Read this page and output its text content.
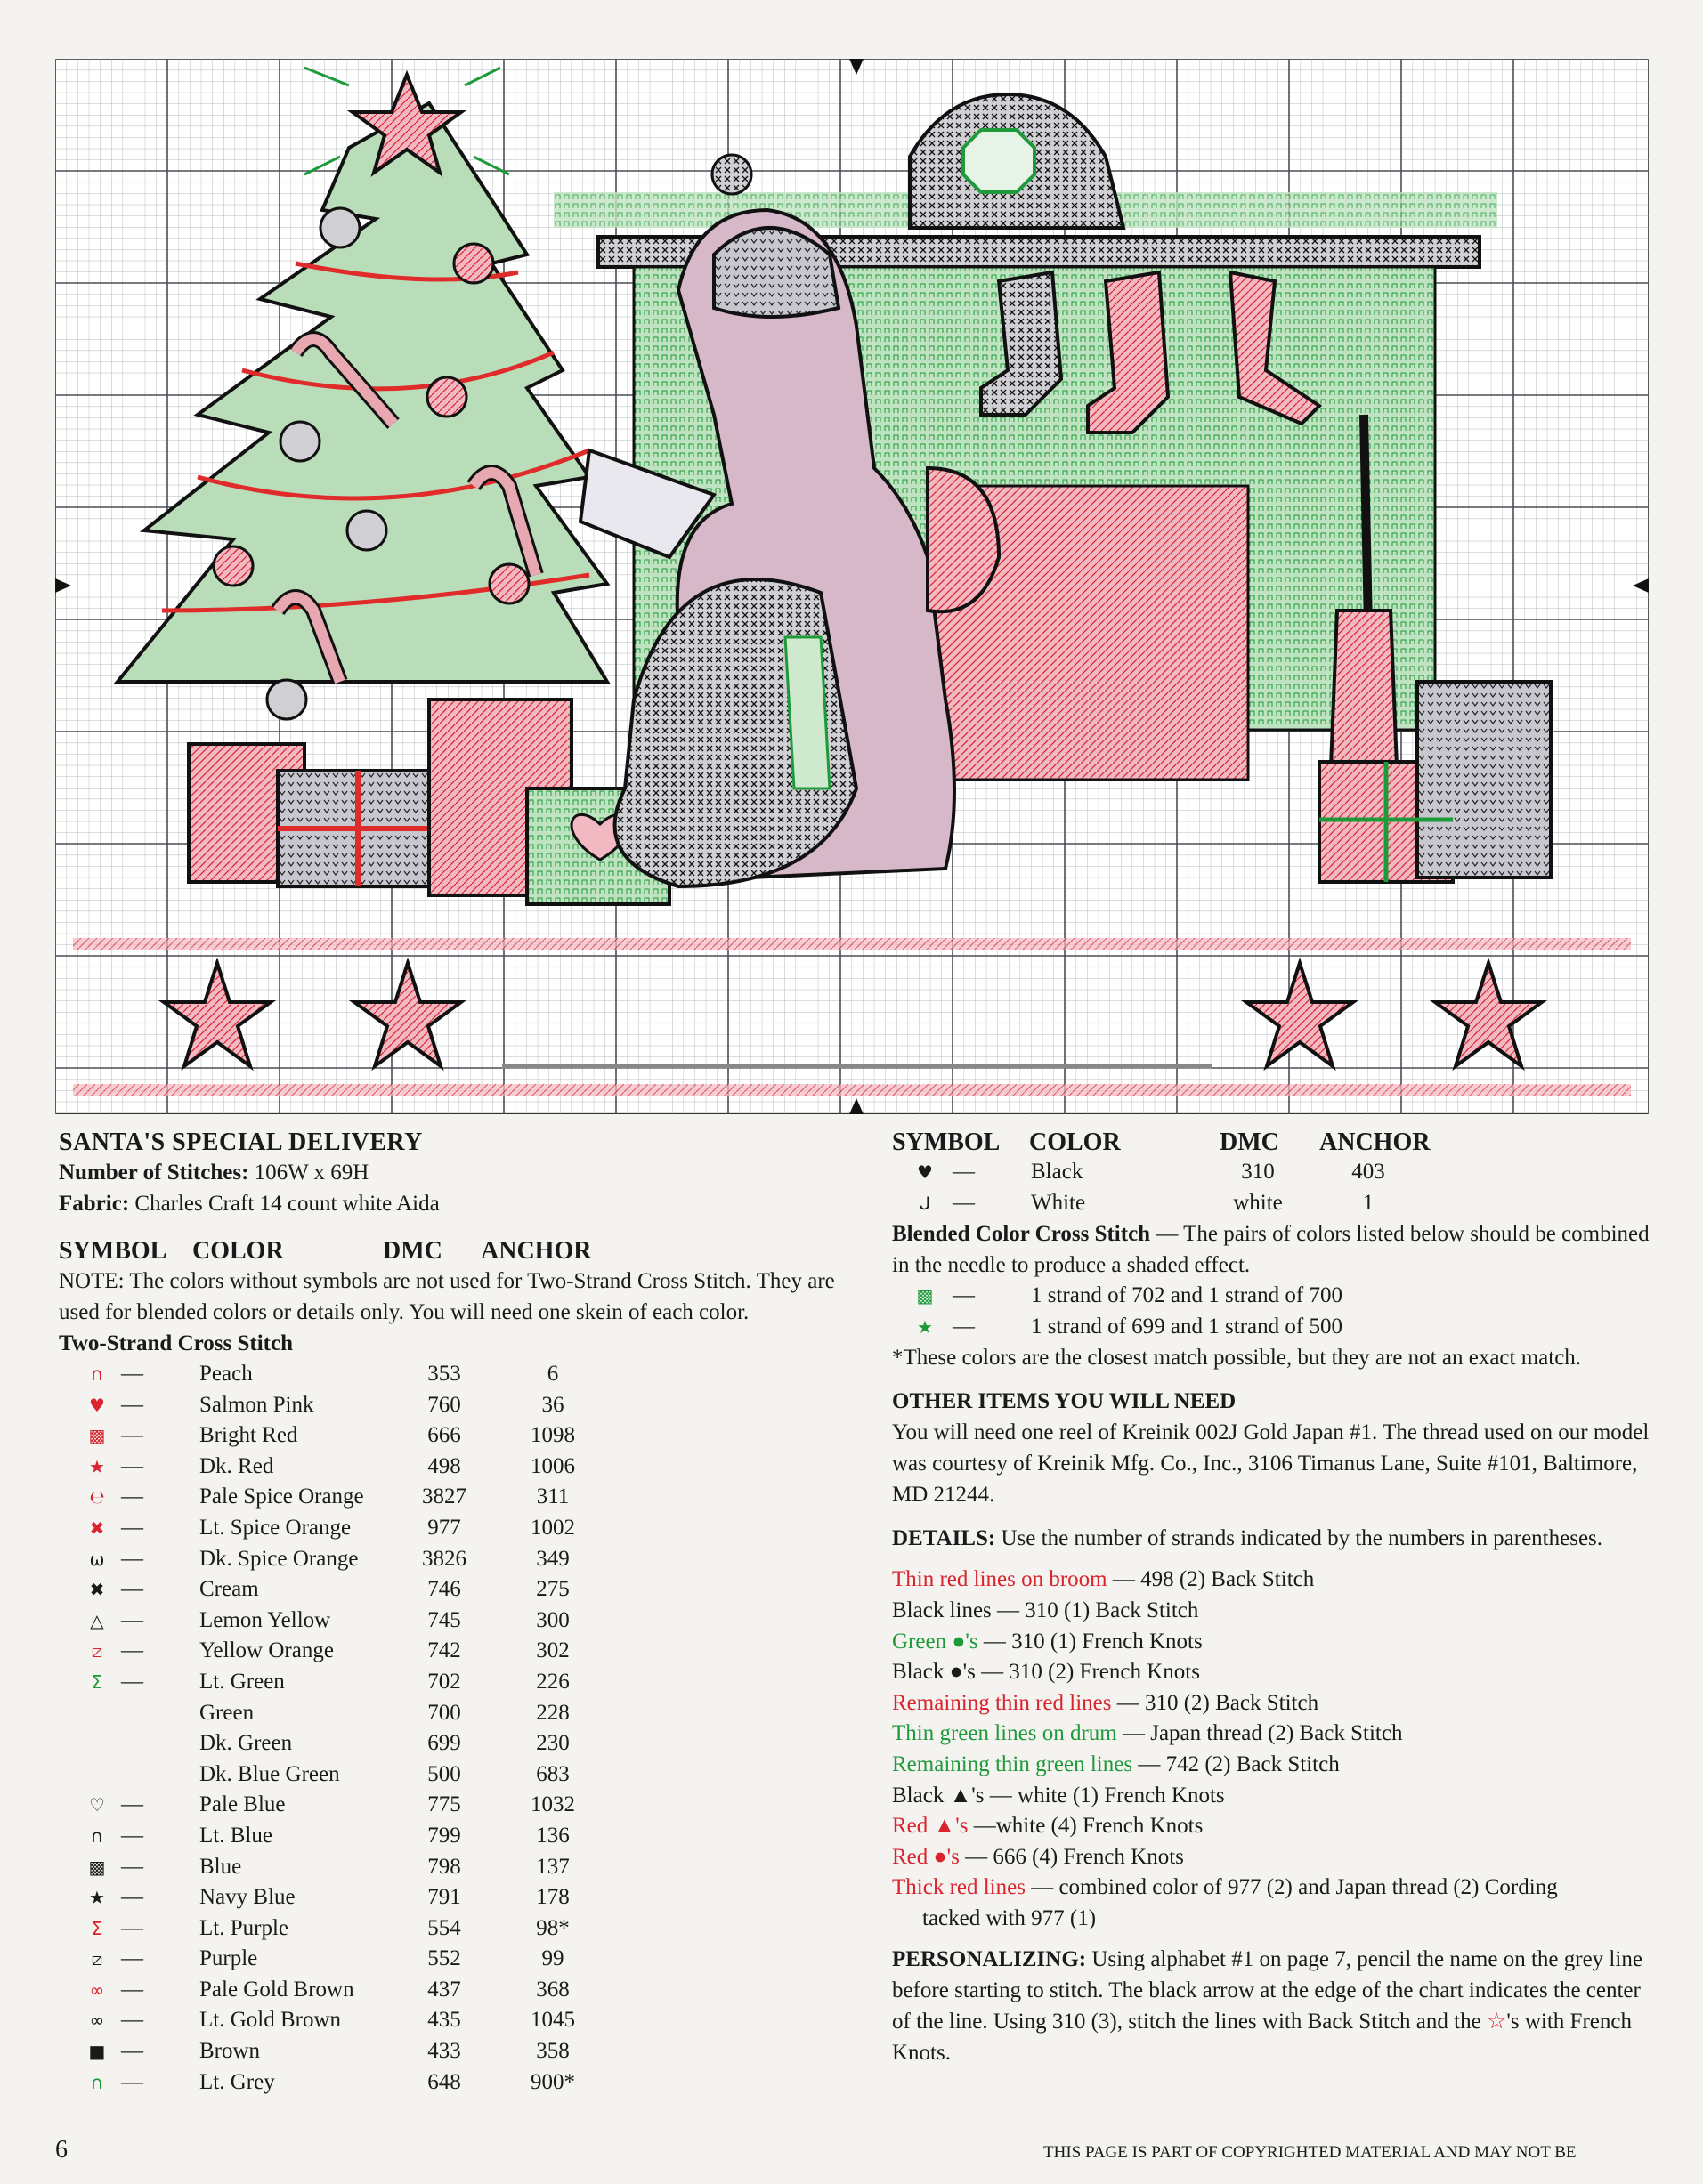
SANTA'S SPECIAL DELIVERY
Number of Stitches: 106W x 69H
Fabric: Charles Craft 14 count white Aida
SYMBOL COLOR	DMC ANCHOR
NOTE: The colors without symbols are not used for Two-Strand Cross Stitch. They are used for blended colors or details only. You will need one skein of each color.
Two-Strand Cross Stitch
∩ —	Peach	353	6
♥ —	Salmon Pink	760	36
▩ —	Bright Red	666	1098
★ —	Dk. Red	498	1006
℮ —	Pale Spice Orange	3827	311
✖ —	Lt. Spice Orange	977	1002
ω —	Dk. Spice Orange	3826	349
✖ —	Cream	746	275
△ —	Lemon Yellow	745	300
⧄ —	Yellow Orange	742	302
Σ —	Lt. Green	702	226
Green	700	228
Dk. Green	699	230
Dk. Blue Green	500	683
♡ —	Pale Blue	775	1032
∩ —	Lt. Blue	799	136
▩ —	Blue	798	137
★ —	Navy Blue	791	178
Σ —	Lt. Purple	554	98*
⧄ —	Purple	552	99
∞ —	Pale Gold Brown	437	368
∞ —	Lt. Gold Brown	435	1045
■ —	Brown	433	358
∩ —	Lt. Grey	648	900*
SYMBOL COLOR	DMC ANCHOR
♥ —	Black	310	403
ᒍ —	White	white	1
Blended Color Cross Stitch — The pairs of colors listed below should be combined in the needle to produce a shaded effect.
▩ —	1 strand of 702 and 1 strand of 700
★ —	1 strand of 699 and 1 strand of 500
*These colors are the closest match possible, but they are not an exact match.
OTHER ITEMS YOU WILL NEED
You will need one reel of Kreinik 002J Gold Japan #1. The thread used on our model was courtesy of Kreinik Mfg. Co., Inc., 3106 Timanus Lane, Suite #101, Baltimore, MD 21244.
DETAILS: Use the number of strands indicated by the numbers in parentheses.
Thin red lines on broom — 498 (2) Back Stitch
Black lines — 310 (1) Back Stitch
Green ●'s — 310 (1) French Knots
Black ●'s — 310 (2) French Knots
Remaining thin red lines — 310 (2) Back Stitch
Thin green lines on drum — Japan thread (2) Back Stitch
Remaining thin green lines — 742 (2) Back Stitch
Black ▲'s — white (1) French Knots
Red ▲'s —white (4) French Knots
Red ●'s — 666 (4) French Knots
Thick red lines — combined color of 977 (2) and Japan thread (2) Cording
tacked with 977 (1)
PERSONALIZING: Using alphabet #1 on page 7, pencil the name on the grey line before starting to stitch. The black arrow at the edge of the chart indicates the center of the line. Using 310 (3), stitch the lines with Back Stitch and the ☆'s with French Knots.
6	THIS PAGE IS PART OF COPYRIGHTED MATERIAL AND MAY NOT BE
